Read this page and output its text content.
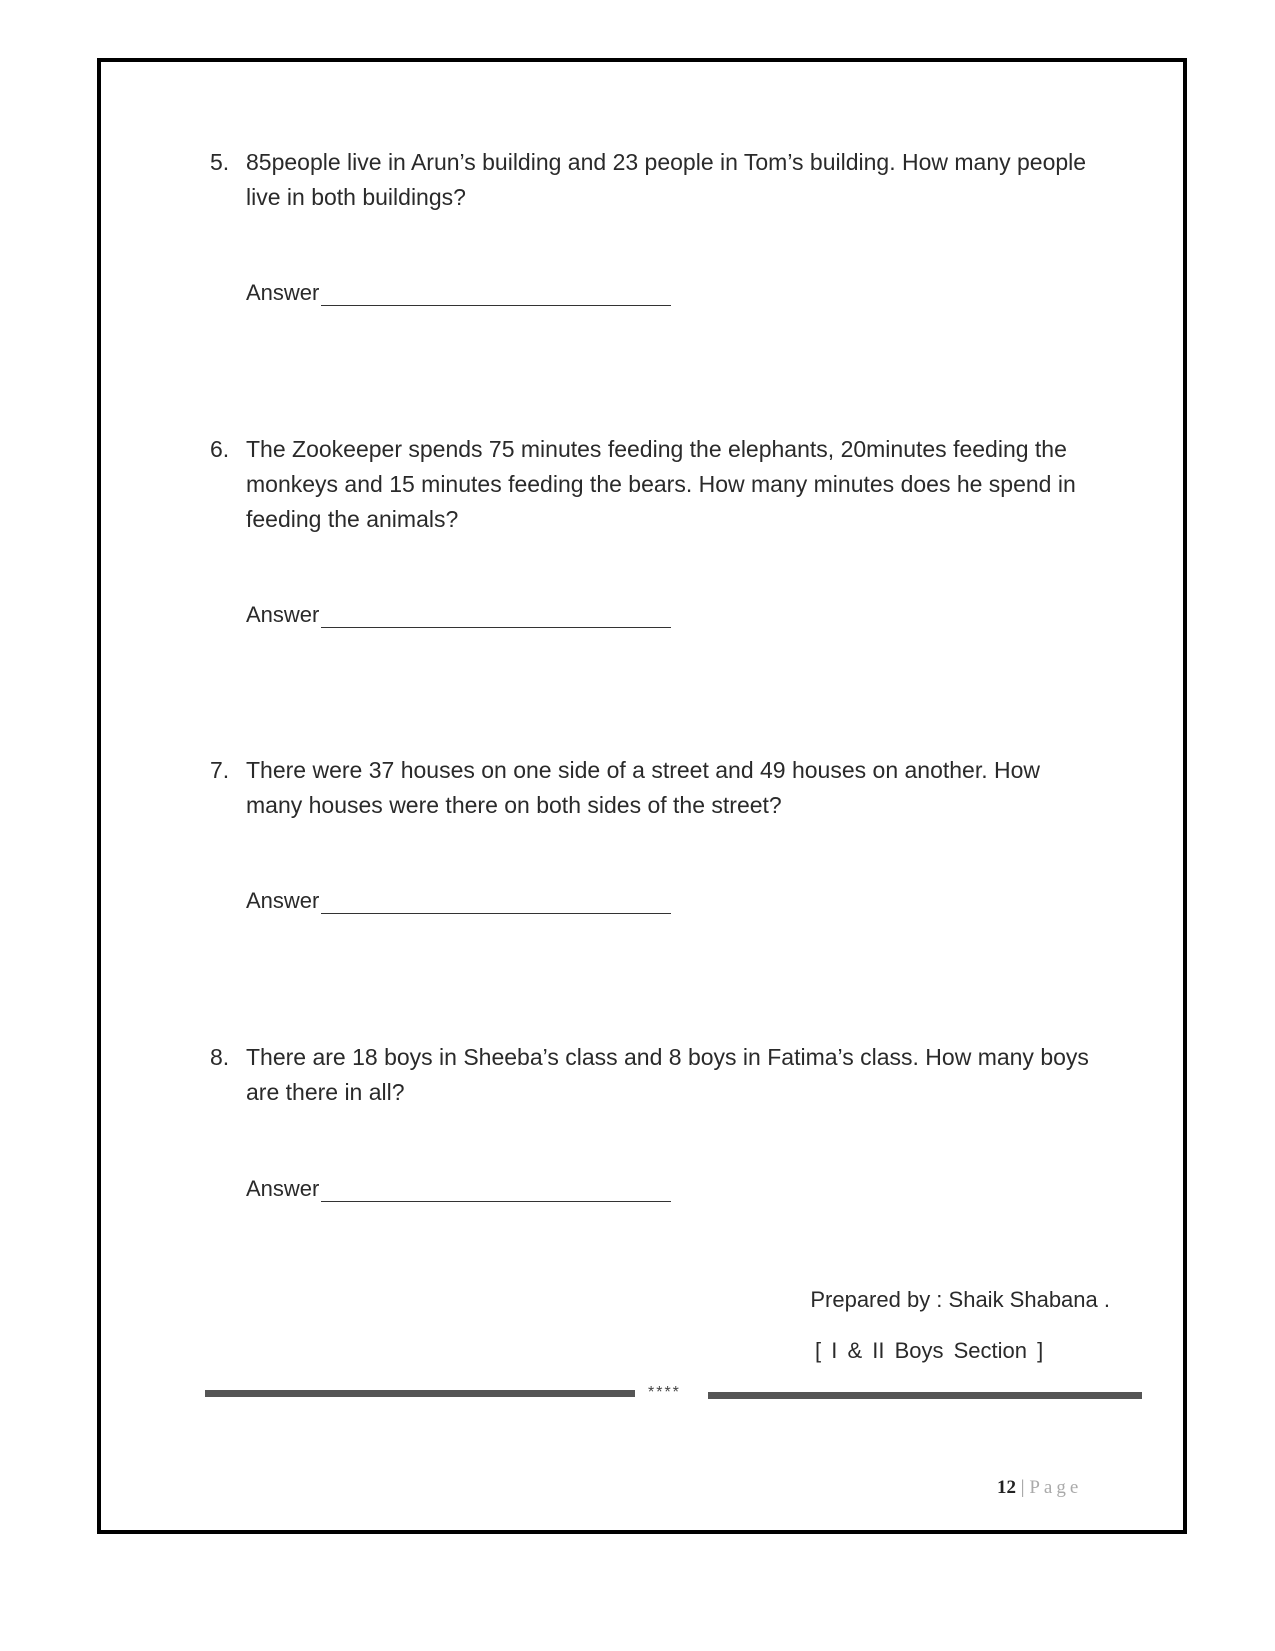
5. 85people live in Arun’s building and 23 people in Tom’s building. How many people live in both buildings?
Answer
6. The Zookeeper spends 75 minutes feeding the elephants, 20minutes feeding the monkeys and 15 minutes feeding the bears. How many minutes does he spend in feeding the animals?
Answer
7. There were 37 houses on one side of a street and 49 houses on another. How many houses were there on both sides of the street?
Answer
8. There are 18 boys in Sheeba’s class and 8 boys in Fatima’s class. How many boys are there in all?
Answer
Prepared by : Shaik Shabana .
[ I & II Boys Section ]
****
12 | Page
